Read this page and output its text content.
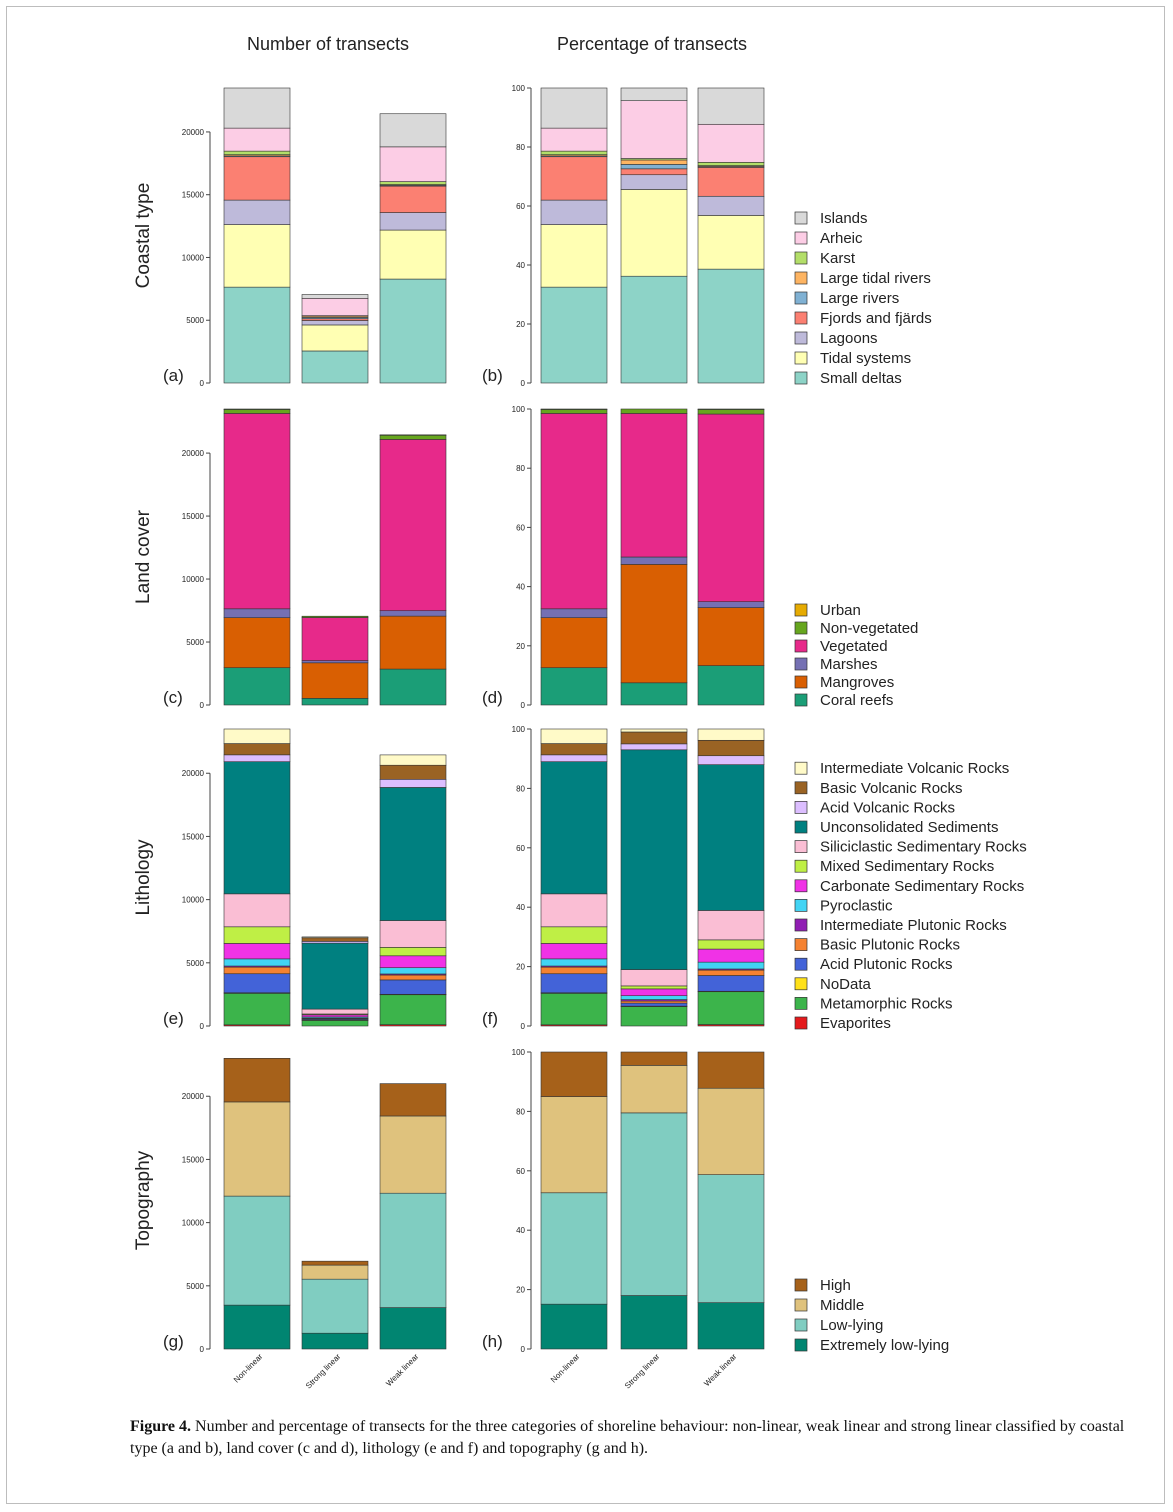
Number of transects	Percentage of transects
Coastal type
0
5000
10000
15000
20000
(a)	0
20
40
60
80
100
(b)
Islands
Arheic
Karst
Large tidal rivers
Large rivers
Fjords and fjärds
Lagoons
Tidal systems
Small deltas
Land cover
0
5000
10000
15000
20000
(c)	0
20
40
60
80
100
(d)
Urban
Non-vegetated
Vegetated
Marshes
Mangroves
Coral reefs
Lithology
0
5000
10000
15000
20000
(e)	0
20
40
60
80
100
(f)
Intermediate Volcanic Rocks
Basic Volcanic Rocks
Acid Volcanic Rocks
Unconsolidated Sediments
Siliciclastic Sedimentary Rocks
Mixed Sedimentary Rocks
Carbonate Sedimentary Rocks
Pyroclastic
Intermediate Plutonic Rocks
Basic Plutonic Rocks
Acid Plutonic Rocks
NoData
Metamorphic Rocks
Evaporites
Topography
0
5000
10000
15000
20000
(g)
Non-linear	Strong linear	Weak linear
0
20
40
60
80
100
(h)
Non-linear	Strong linear	Weak linear
High
Middle
Low-lying
Extremely low-lying
Figure 4. Number and percentage of transects for the three categories of shoreline behaviour: non-linear, weak linear and strong linear classified by coastal type (a and b), land cover (c and d), lithology (e and f) and topography (g and h).
